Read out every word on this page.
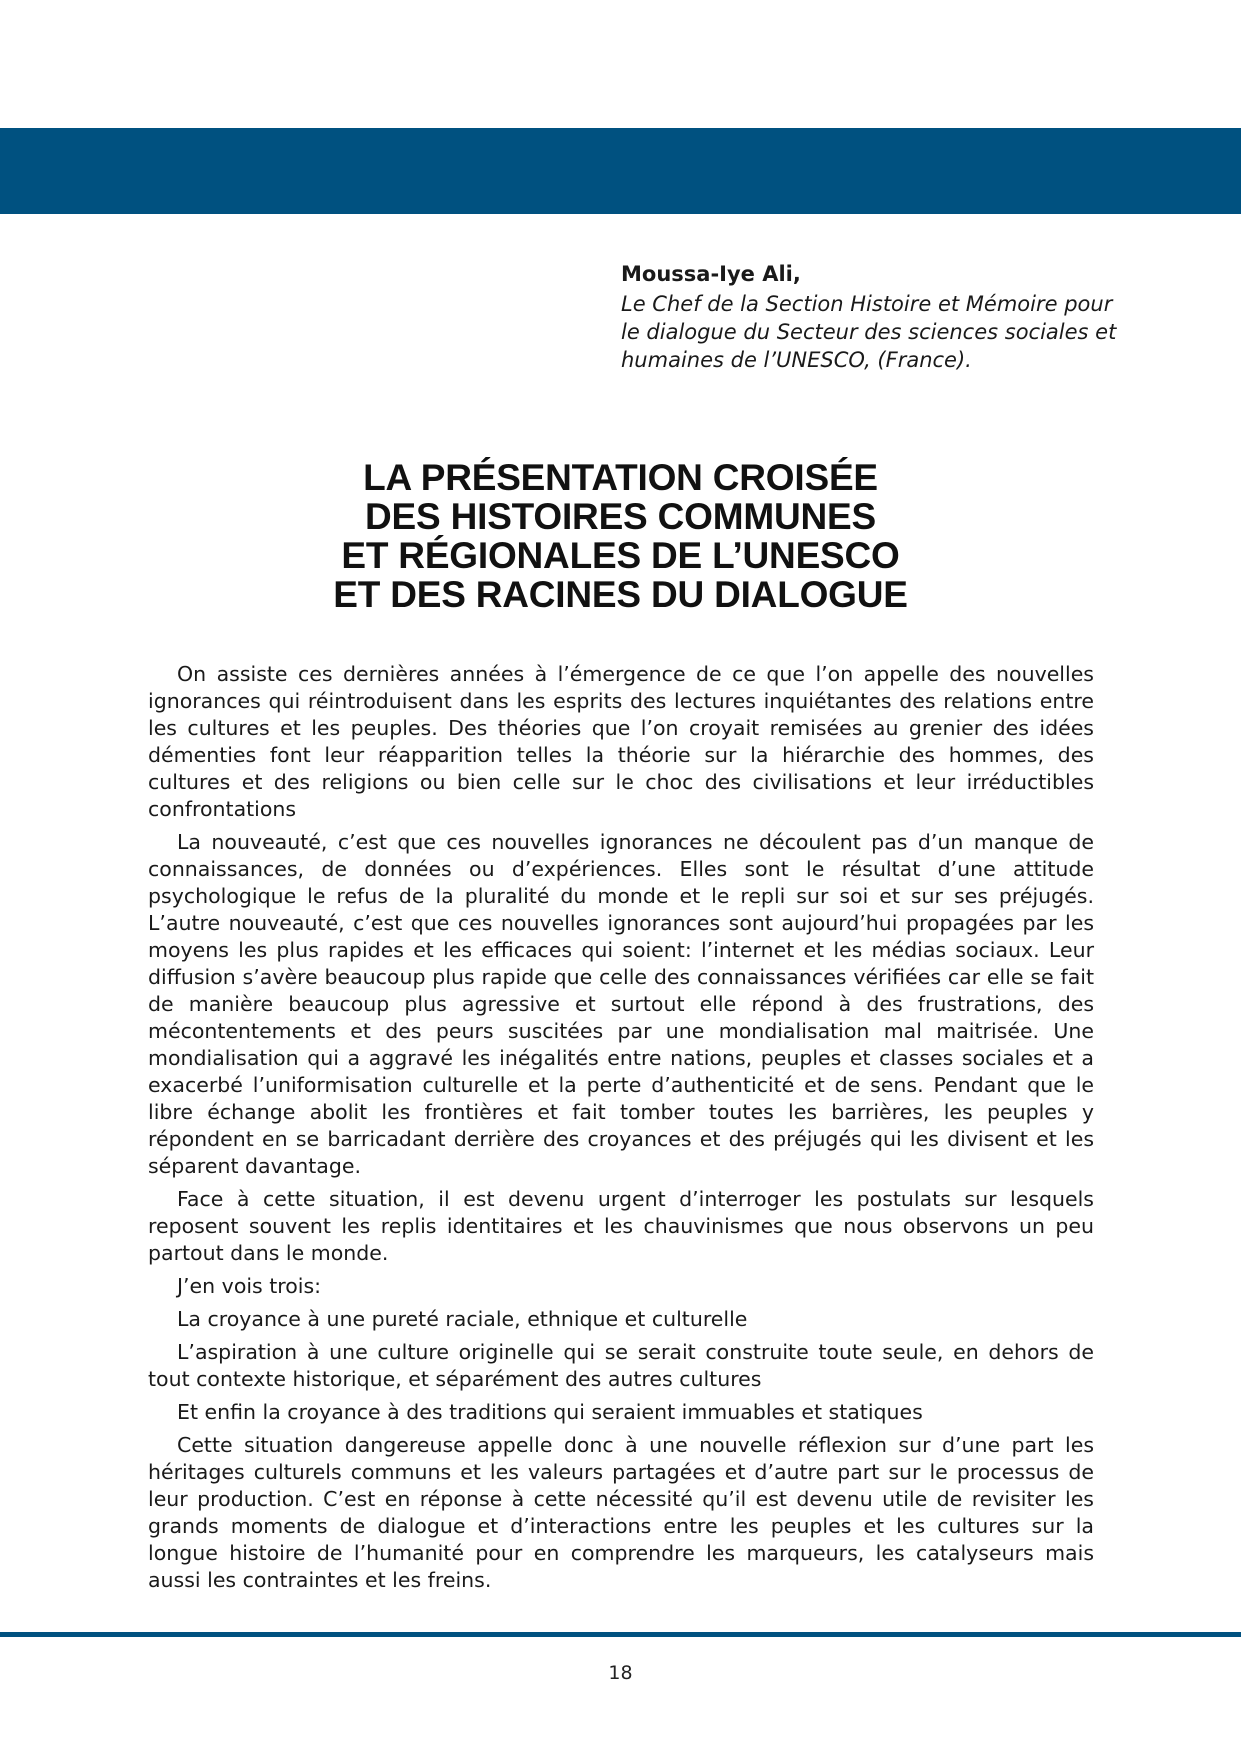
Moussa-Iye Ali,
Le Chef de la Section Histoire et Mémoire pour
le dialogue du Secteur des sciences sociales et
humaines de l’UNESCO, (France).
LA PRÉSENTATION CROISÉE
DES HISTOIRES COMMUNES
ET RÉGIONALES DE L’UNESCO
ET DES RACINES DU DIALOGUE

On assiste ces dernières années à l’émergence de ce que l’on appelle des nouvelles ignorances qui réintroduisent dans les esprits des lectures inquiétantes des relations entre les cultures et les peuples. Des théories que l’on croyait remisées au grenier des idées démenties font leur réapparition telles la théorie sur la hiérarchie des hommes, des cultures et des religions ou bien celle sur le choc des civilisations et leur irréductibles confrontations

La nouveauté, c’est que ces nouvelles ignorances ne découlent pas d’un manque de connaissances, de données ou d’expériences. Elles sont le résultat d’une attitude psychologique le refus de la pluralité du monde et le repli sur soi et sur ses préjugés. L’autre nouveauté, c’est que ces nouvelles ignorances sont aujourd’hui propagées par les moyens les plus rapides et les efficaces qui soient: l’internet et les médias sociaux. Leur diffusion s’avère beaucoup plus rapide que celle des connaissances vérifiées car elle se fait de manière beaucoup plus agressive et surtout elle répond à des frustrations, des mécontentements et des peurs suscitées par une mondialisation mal maitrisée. Une mondialisation qui a aggravé les inégalités entre nations, peuples et classes sociales et a exacerbé l’uniformisation culturelle et la perte d’authenticité et de sens. Pendant que le libre échange abolit les frontières et fait tomber toutes les barrières, les peuples y répondent en se barricadant derrière des croyances et des préjugés qui les divisent et les séparent davantage.

Face à cette situation, il est devenu urgent d’interroger les postulats sur lesquels reposent souvent les replis identitaires et les chauvinismes que nous observons un peu partout dans le monde.

J’en vois trois:

La croyance à une pureté raciale, ethnique et culturelle

L’aspiration à une culture originelle qui se serait construite toute seule, en dehors de tout contexte historique, et séparément des autres cultures

Et enfin la croyance à des traditions qui seraient immuables et statiques

Cette situation dangereuse appelle donc à une nouvelle réflexion sur d’une part les héritages culturels communs et les valeurs partagées et d’autre part sur le processus de leur production. C’est en réponse à cette nécessité qu’il est devenu utile de revisiter les grands moments de dialogue et d’interactions entre les peuples et les cultures sur la longue histoire de l’humanité pour en comprendre les marqueurs, les catalyseurs mais aussi les contraintes et les freins.

18
